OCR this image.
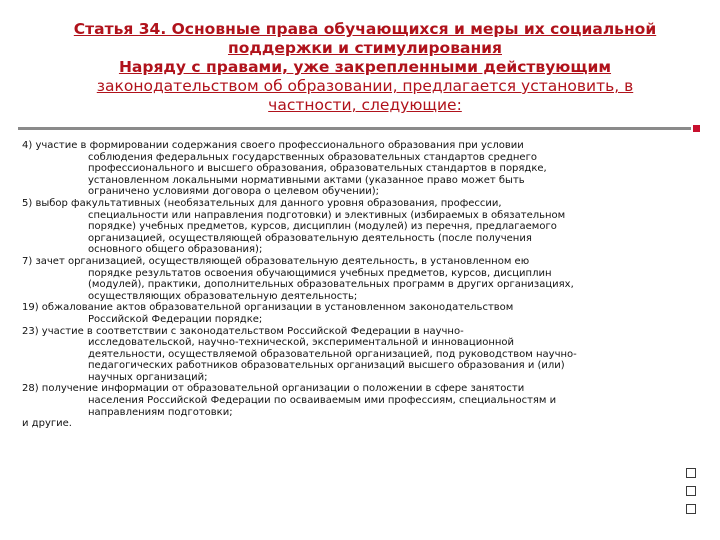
Статья 34. Основные права обучающихся и меры их социальной
поддержки и стимулирования
Наряду с правами, уже закрепленными действующим
законодательством об образовании, предлагается установить, в
частности, следующие:
4) участие в формировании содержания своего профессионального образования при условии
соблюдения федеральных государственных образовательных стандартов среднего
профессионального и высшего образования, образовательных стандартов в порядке,
установленном локальными нормативными актами (указанное право может быть
ограничено условиями договора о целевом обучении);
5) выбор факультативных (необязательных для данного уровня образования, профессии,
специальности или направления подготовки) и элективных (избираемых в обязательном
порядке) учебных предметов, курсов, дисциплин (модулей) из перечня, предлагаемого
организацией, осуществляющей образовательную деятельность (после получения
основного общего образования);
7) зачет организацией, осуществляющей образовательную деятельность, в установленном ею
порядке результатов освоения обучающимися учебных предметов, курсов, дисциплин
(модулей), практики, дополнительных образовательных программ в других организациях,
осуществляющих образовательную деятельность;
19) обжалование актов образовательной организации в установленном законодательством
Российской Федерации порядке;
23) участие в соответствии с законодательством Российской Федерации в научно-
исследовательской, научно-технической, экспериментальной и инновационной
деятельности, осуществляемой образовательной организацией, под руководством научно-
педагогических работников образовательных организаций высшего образования и (или)
научных организаций;
28) получение информации от образовательной организации о положении в сфере занятости
населения Российской Федерации по осваиваемым ими профессиям, специальностям и
направлениям подготовки;
и другие.
